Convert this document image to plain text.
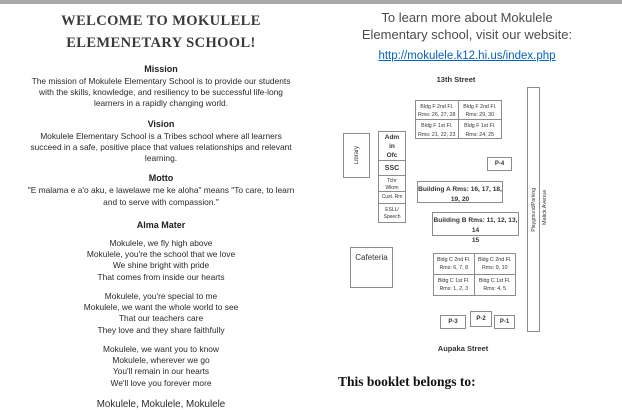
WELCOME TO MOKULELE
ELEMENETARY SCHOOL!
Mission
The mission of Mokulele Elementary School is to provide our students with the skills, knowledge, and resiliency to be successful life-long learners in a rapidly changing world.
Vision
Mokulele Elementary School is a Tribes school where all learners succeed in a safe, positive place that values relationships and relevant learning.
Motto
"E malama e a'o aku, e lawelawe me ke aloha" means "To care, to learn and to serve with compassion."
Alma Mater
Mokulele, we fly high above
Mokulele, you're the school that we love
We shine bright with pride
That comes from inside our hearts
Mokulele, you're special to me
Mokulele, we want the whole world to see
That our teachers care
They love and they share faithfully
Mokulele, we want you to know
Mokulele, wherever we go
You'll remain in our hearts
We'll love you forever more
Mokulele, Mokulele, Mokulele
To learn more about Mokulele
Elementary school, visit our website:
http://mokulele.k12.hi.us/index.php
13th Street
Library
Adm
in
Ofc
SSC
Tchr
Wkrm
Cust. Rm
ESLL/
Speech
Cafeteria
Bldg F 2nd Fl.
Rms: 26, 27, 28
Bldg F 2nd Fl.
Rms: 29, 30
Bldg F 1st Fl.
Rms: 21, 22, 23
Bldg F 1st Fl.
Rms: 24, 25
P-4
Building A Rms: 16, 17, 18,
19, 20
Building B Rms: 11, 12, 13, 14
15
Bldg C 2nd Fl.
Rms: 6, 7, 8
Bldg C 2nd Fl.
Rms: 9, 10
Bldg C 1st Fl.
Rms: 1, 2, 3
Bldg C 1st Fl.
Rms: 4, 5
P-3	P-2	P-1
Playground/Parking Malick Avenue
Aupaka Street
This booklet belongs to:
